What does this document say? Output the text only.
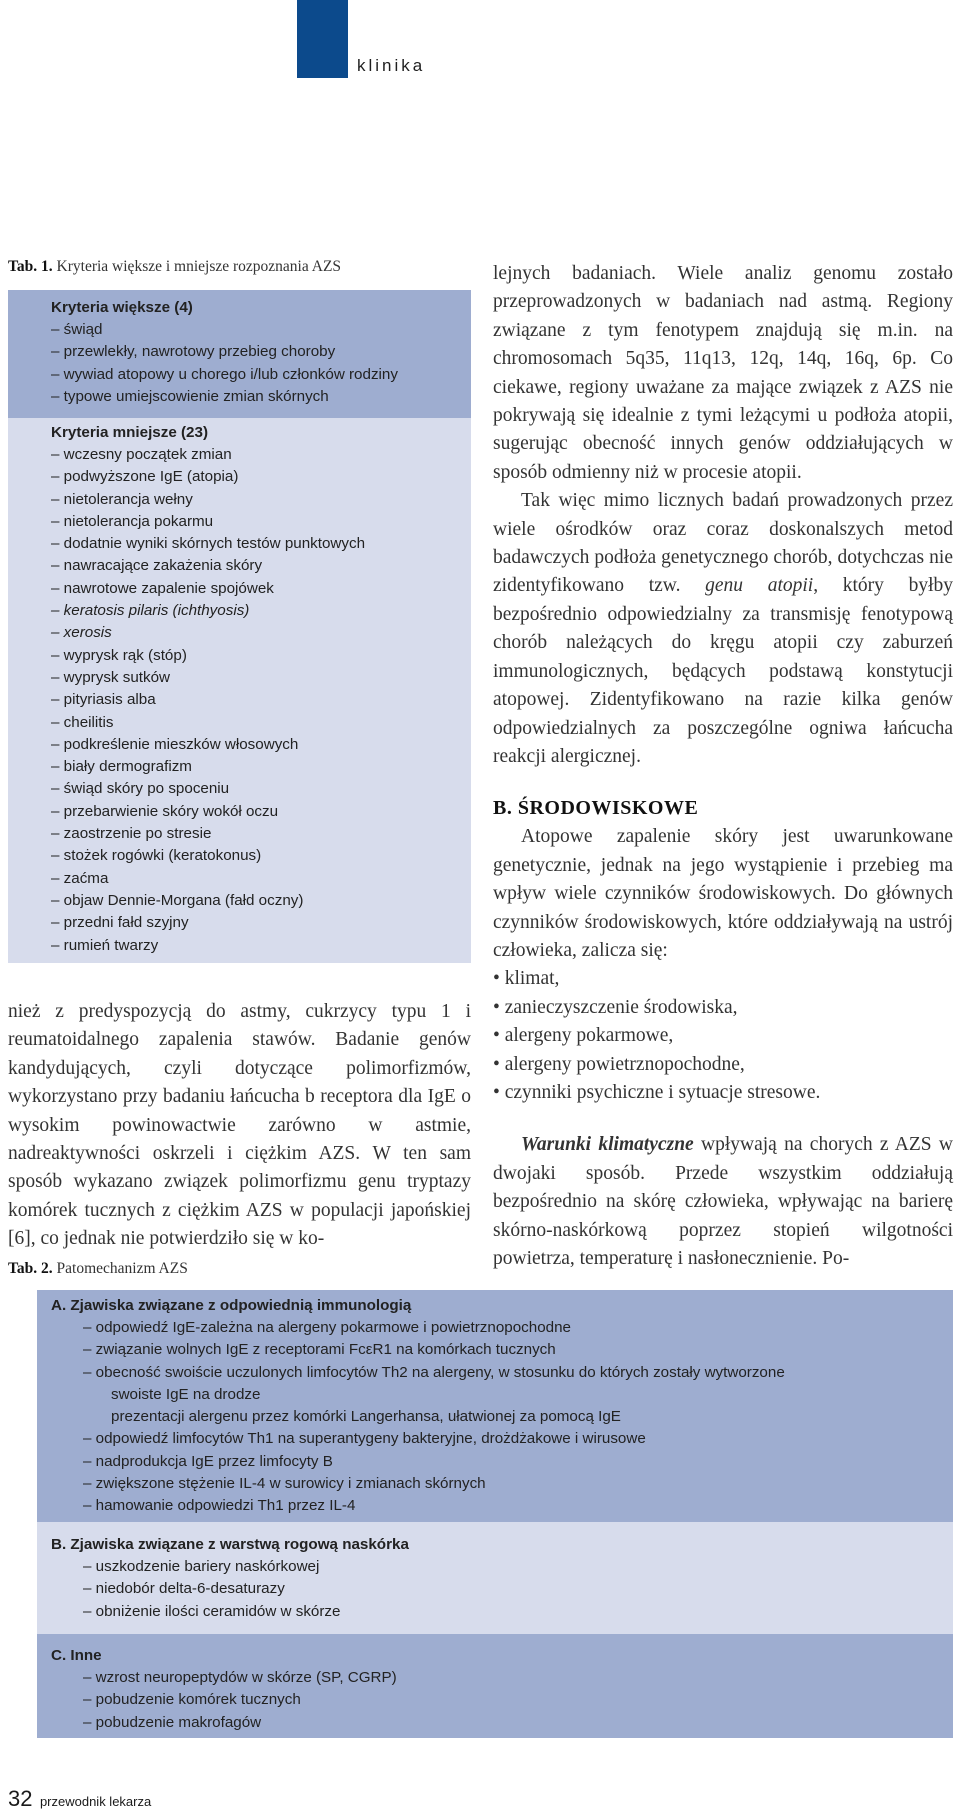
klinika
Tab. 1. Kryteria większe i mniejsze rozpoznania AZS
Kryteria większe (4)
– świąd
– przewlekły, nawrotowy przebieg choroby
– wywiad atopowy u chorego i/lub członków rodziny
– typowe umiejscowienie zmian skórnych
Kryteria mniejsze (23)
– wczesny początek zmian
– podwyższone IgE (atopia)
– nietolerancja wełny
– nietolerancja pokarmu
– dodatnie wyniki skórnych testów punktowych
– nawracające zakażenia skóry
– nawrotowe zapalenie spojówek
– keratosis pilaris (ichthyosis)
– xerosis
– wyprysk rąk (stóp)
– wyprysk sutków
– pityriasis alba
– cheilitis
– podkreślenie mieszków włosowych
– biały dermografizm
– świąd skóry po spoceniu
– przebarwienie skóry wokół oczu
– zaostrzenie po stresie
– stożek rogówki (keratokonus)
– zaćma
– objaw Dennie-Morgana (fałd oczny)
– przedni fałd szyjny
– rumień twarzy

lejnych badaniach. Wiele analiz genomu zostało przeprowadzonych w badaniach nad astmą. Regiony związane z tym fenotypem znajdują się m.in. na chromosomach 5q35, 11q13, 12q, 14q, 16q, 6p. Co ciekawe, regiony uważane za mające związek z AZS nie pokrywają się idealnie z tymi leżącymi u podłoża atopii, sugerując obecność innych genów oddziałujących w sposób odmienny niż w procesie atopii.

Tak więc mimo licznych badań prowadzonych przez wiele ośrodków oraz coraz doskonalszych metod badawczych podłoża genetycznego chorób, dotychczas nie zidentyfikowano tzw. genu atopii, który byłby bezpośrednio odpowiedzialny za transmisję fenotypową chorób należących do kręgu atopii czy zaburzeń immunologicznych, będących podstawą konstytucji atopowej. Zidentyfikowano na razie kilka genów odpowiedzialnych za poszczególne ogniwa łańcucha reakcji alergicznej.

B. ŚRODOWISKOWE

Atopowe zapalenie skóry jest uwarunkowane genetycznie, jednak na jego wystąpienie i przebieg ma wpływ wiele czynników środowiskowych. Do głównych czynników środowiskowych, które oddziaływają na ustrój człowieka, zalicza się:

• klimat,
• zanieczyszczenie środowiska,
• alergeny pokarmowe,
• alergeny powietrznopochodne,
• czynniki psychiczne i sytuacje stresowe.

Warunki klimatyczne wpływają na chorych z AZS w dwojaki sposób. Przede wszystkim oddziałują bezpośrednio na skórę człowieka, wpływając na barierę skórno-naskórkową poprzez stopień wilgotności powietrza, temperaturę i nasłonecznienie. Po-

nież z predyspozycją do astmy, cukrzycy typu 1 i reumatoidalnego zapalenia stawów. Badanie genów kandydujących, czyli dotyczące polimorfizmów, wykorzystano przy badaniu łańcucha b receptora dla IgE o wysokim powinowactwie zarówno w astmie, nadreaktywności oskrzeli i ciężkim AZS. W ten sam sposób wykazano związek polimorfizmu genu tryptazy komórek tucznych z ciężkim AZS w populacji japońskiej [6], co jednak nie potwierdziło się w ko-

Tab. 2. Patomechanizm AZS
A. Zjawiska związane z odpowiednią immunologią
– odpowiedź IgE-zależna na alergeny pokarmowe i powietrznopochodne
– związanie wolnych IgE z receptorami FcεR1 na komórkach tucznych
– obecność swoiście uczulonych limfocytów Th2 na alergeny, w stosunku do których zostały wytworzone
swoiste IgE na drodze
prezentacji alergenu przez komórki Langerhansa, ułatwionej za pomocą IgE
– odpowiedź limfocytów Th1 na superantygeny bakteryjne, drożdżakowe i wirusowe
– nadprodukcja IgE przez limfocyty B
– zwiększone stężenie IL-4 w surowicy i zmianach skórnych
– hamowanie odpowiedzi Th1 przez IL-4
B. Zjawiska związane z warstwą rogową naskórka
– uszkodzenie bariery naskórkowej
– niedobór delta-6-desaturazy
– obniżenie ilości ceramidów w skórze
C. Inne
– wzrost neuropeptydów w skórze (SP, CGRP)
– pobudzenie komórek tucznych
– pobudzenie makrofagów
32 przewodnik lekarza
